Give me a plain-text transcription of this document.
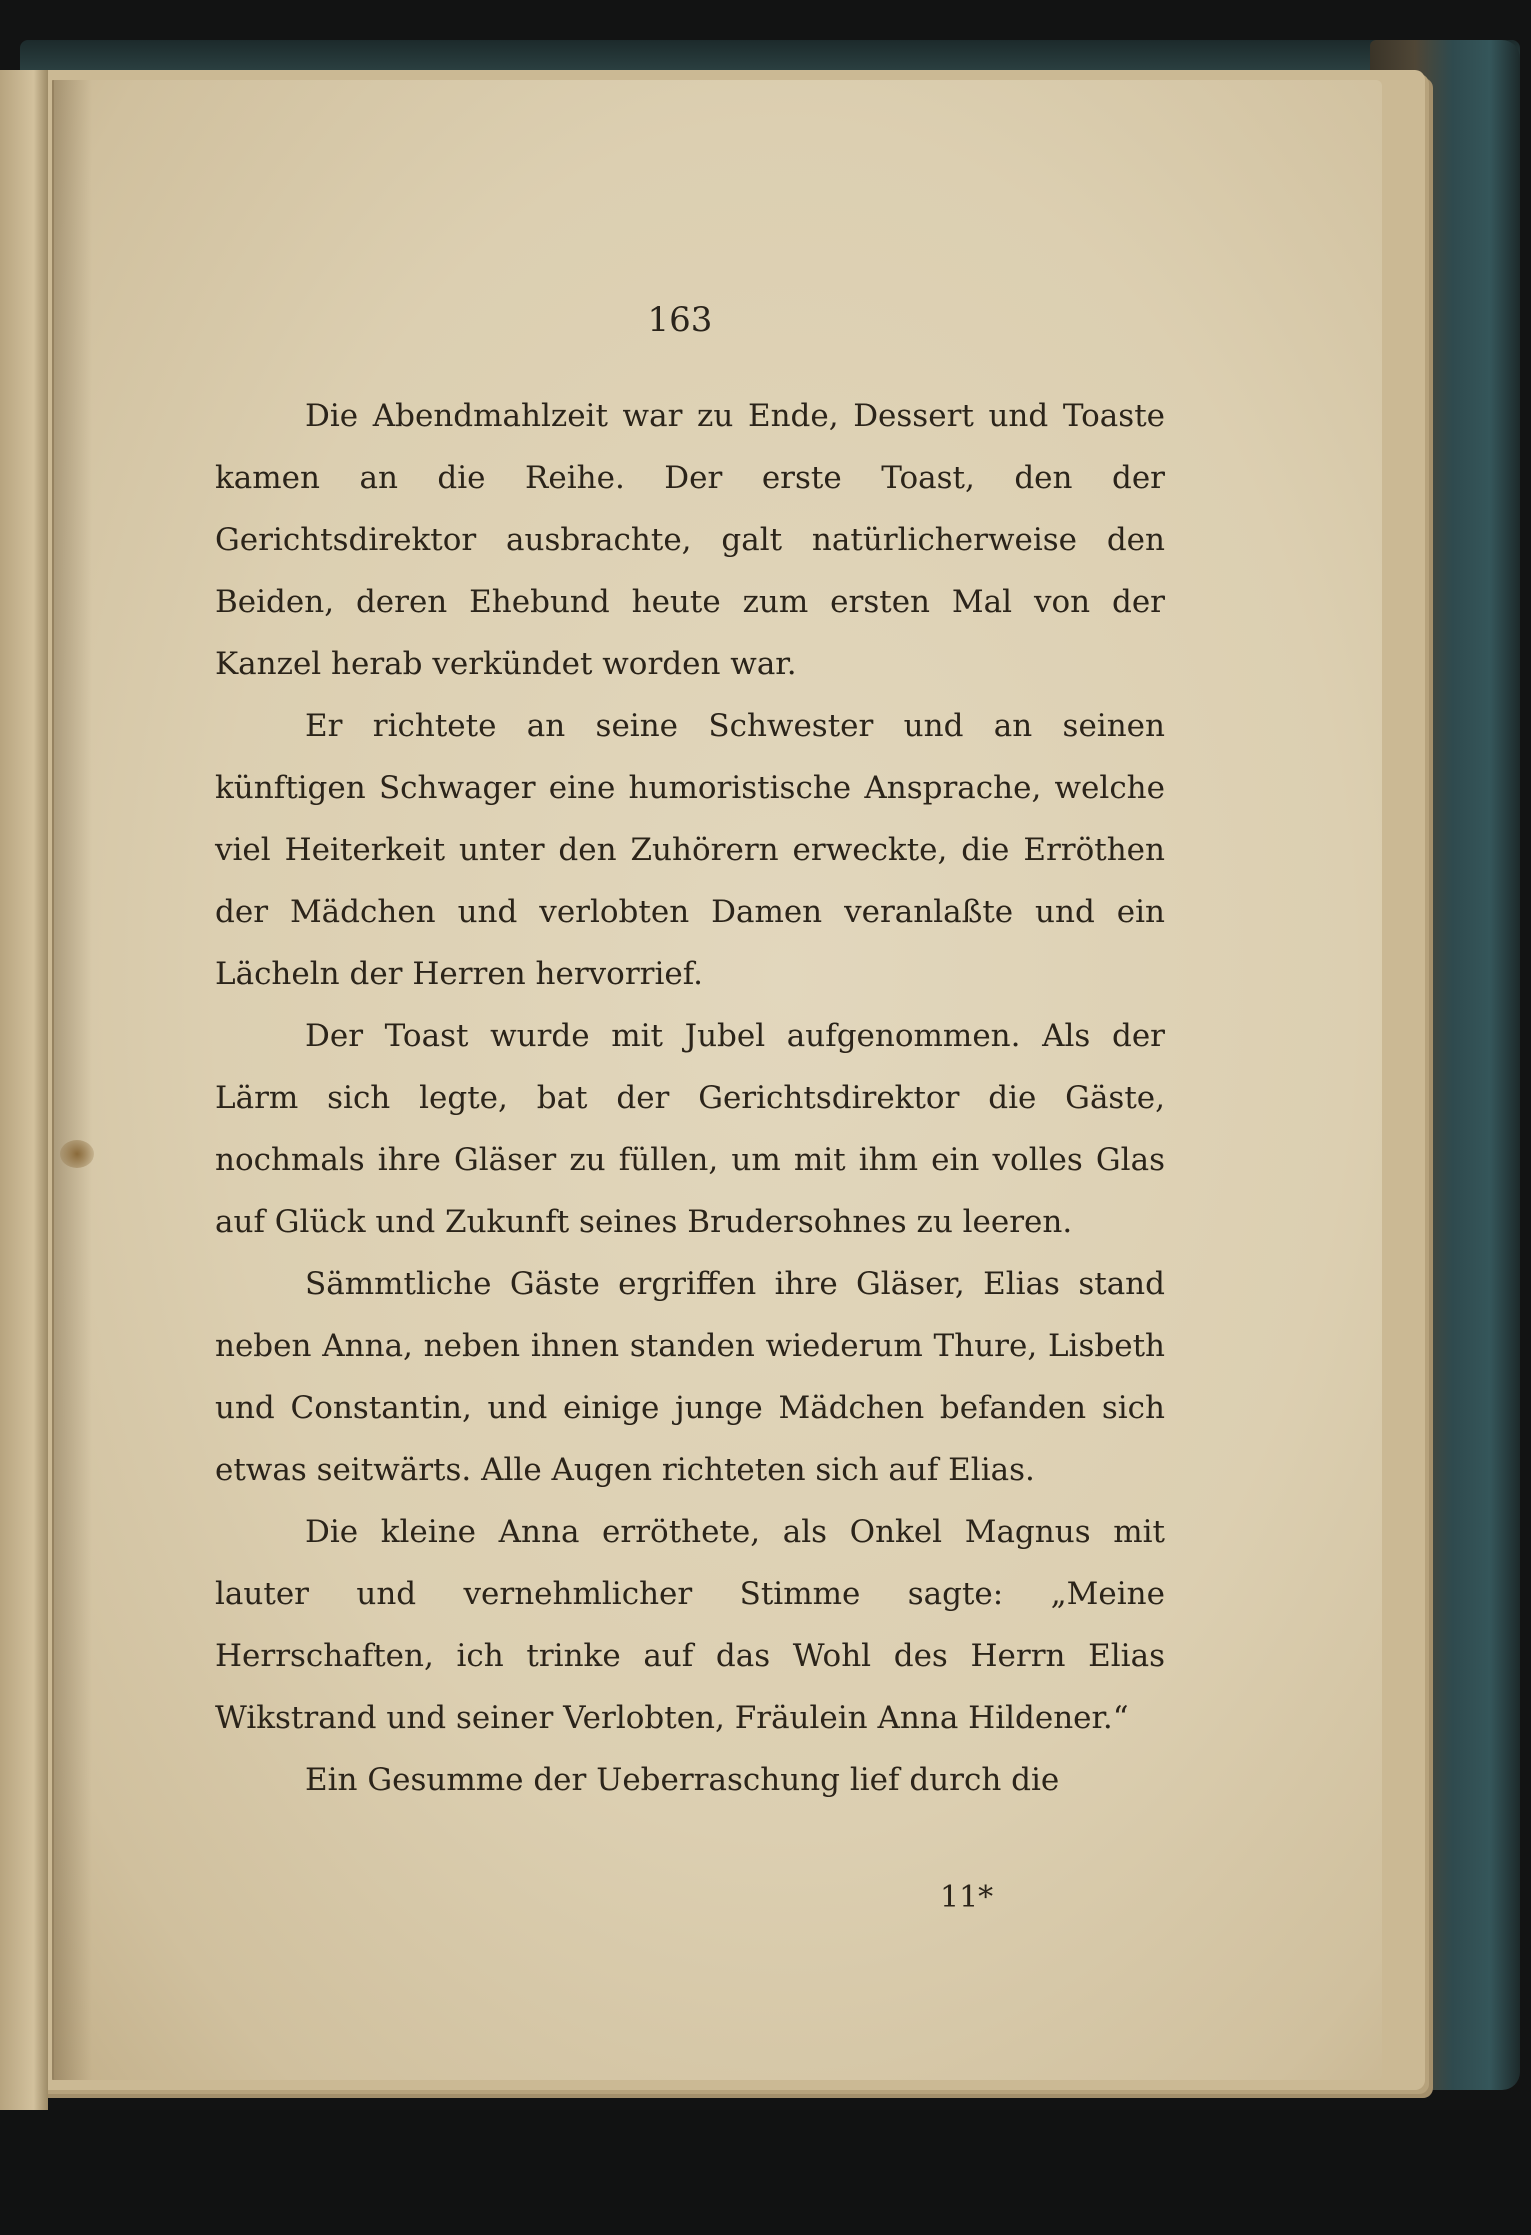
163

Die Abendmahlzeit war zu Ende, Dessert und Toaste kamen an die Reihe. Der erste Toast, den der Gerichtsdirektor ausbrachte, galt natürlicherweise den Beiden, deren Ehebund heute zum ersten Mal von der Kanzel herab verkündet worden war.

Er richtete an seine Schwester und an seinen künftigen Schwager eine humoristische Ansprache, welche viel Heiterkeit unter den Zuhörern erweckte, die Erröthen der Mädchen und verlobten Damen veranlaßte und ein Lächeln der Herren hervorrief.

Der Toast wurde mit Jubel aufgenommen. Als der Lärm sich legte, bat der Gerichtsdirektor die Gäste, nochmals ihre Gläser zu füllen, um mit ihm ein volles Glas auf Glück und Zukunft seines Brudersohnes zu leeren.

Sämmtliche Gäste ergriffen ihre Gläser, Elias stand neben Anna, neben ihnen standen wiederum Thure, Lisbeth und Constantin, und einige junge Mädchen befanden sich etwas seitwärts. Alle Augen richteten sich auf Elias.

Die kleine Anna erröthete, als Onkel Magnus mit lauter und vernehmlicher Stimme sagte: „Meine Herrschaften, ich trinke auf das Wohl des Herrn Elias Wikstrand und seiner Verlobten, Fräulein Anna Hildener.“

Ein Gesumme der Ueberraschung lief durch die

11*
